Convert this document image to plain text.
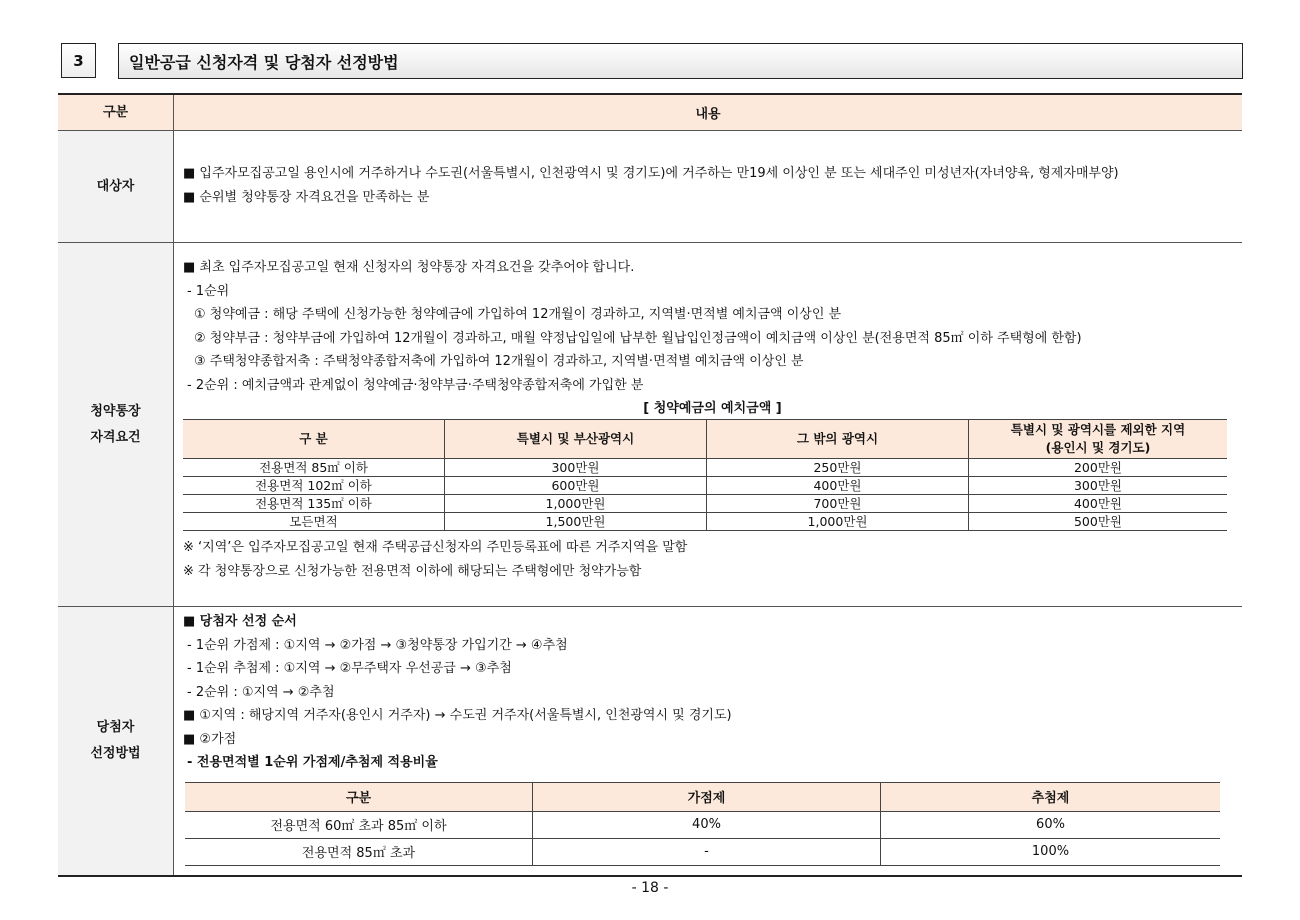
3	일반공급 신청자격 및 당첨자 선정방법
구분	내용
대상자
■ 입주자모집공고일 용인시에 거주하거나 수도권(서울특별시, 인천광역시 및 경기도)에 거주하는 만19세 이상인 분 또는 세대주인 미성년자(자녀양육, 형제자매부양)
■ 순위별 청약통장 자격요건을 만족하는 분
청약통장
자격요건
■ 최초 입주자모집공고일 현재 신청자의 청약통장 자격요건을 갖추어야 합니다.
- 1순위
① 청약예금 : 해당 주택에 신청가능한 청약예금에 가입하여 12개월이 경과하고, 지역별·면적별 예치금액 이상인 분
② 청약부금 : 청약부금에 가입하여 12개월이 경과하고, 매월 약정납입일에 납부한 월납입인정금액이 예치금액 이상인 분(전용면적 85㎡ 이하 주택형에 한함)
③ 주택청약종합저축 : 주택청약종합저축에 가입하여 12개월이 경과하고, 지역별·면적별 예치금액 이상인 분
- 2순위 : 예치금액과 관계없이 청약예금·청약부금·주택청약종합저축에 가입한 분
[ 청약예금의 예치금액 ]
구 분	특별시 및 부산광역시	그 밖의 광역시	특별시 및 광역시를 제외한 지역
(용인시 및 경기도)

전용면적 85㎡ 이하	300만원	250만원	200만원
전용면적 102㎡ 이하	600만원	400만원	300만원
전용면적 135㎡ 이하	1,000만원	700만원	400만원
모든면적	1,500만원	1,000만원	500만원
※ ‘지역’은 입주자모집공고일 현재 주택공급신청자의 주민등록표에 따른 거주지역을 말함
※ 각 청약통장으로 신청가능한 전용면적 이하에 해당되는 주택형에만 청약가능함
당첨자
선정방법
■ 당첨자 선정 순서
- 1순위 가점제 : ①지역 → ②가점 → ③청약통장 가입기간 → ④추첨
- 1순위 추첨제 : ①지역 → ②무주택자 우선공급 → ③추첨
- 2순위 : ①지역 → ②추첨
■ ①지역 : 해당지역 거주자(용인시 거주자) → 수도권 거주자(서울특별시, 인천광역시 및 경기도)
■ ②가점
- 전용면적별 1순위 가점제/추첨제 적용비율
구분	가점제	추첨제
전용면적 60㎡ 초과 85㎡ 이하	40%	60%
전용면적 85㎡ 초과	-	100%
- 18 -
